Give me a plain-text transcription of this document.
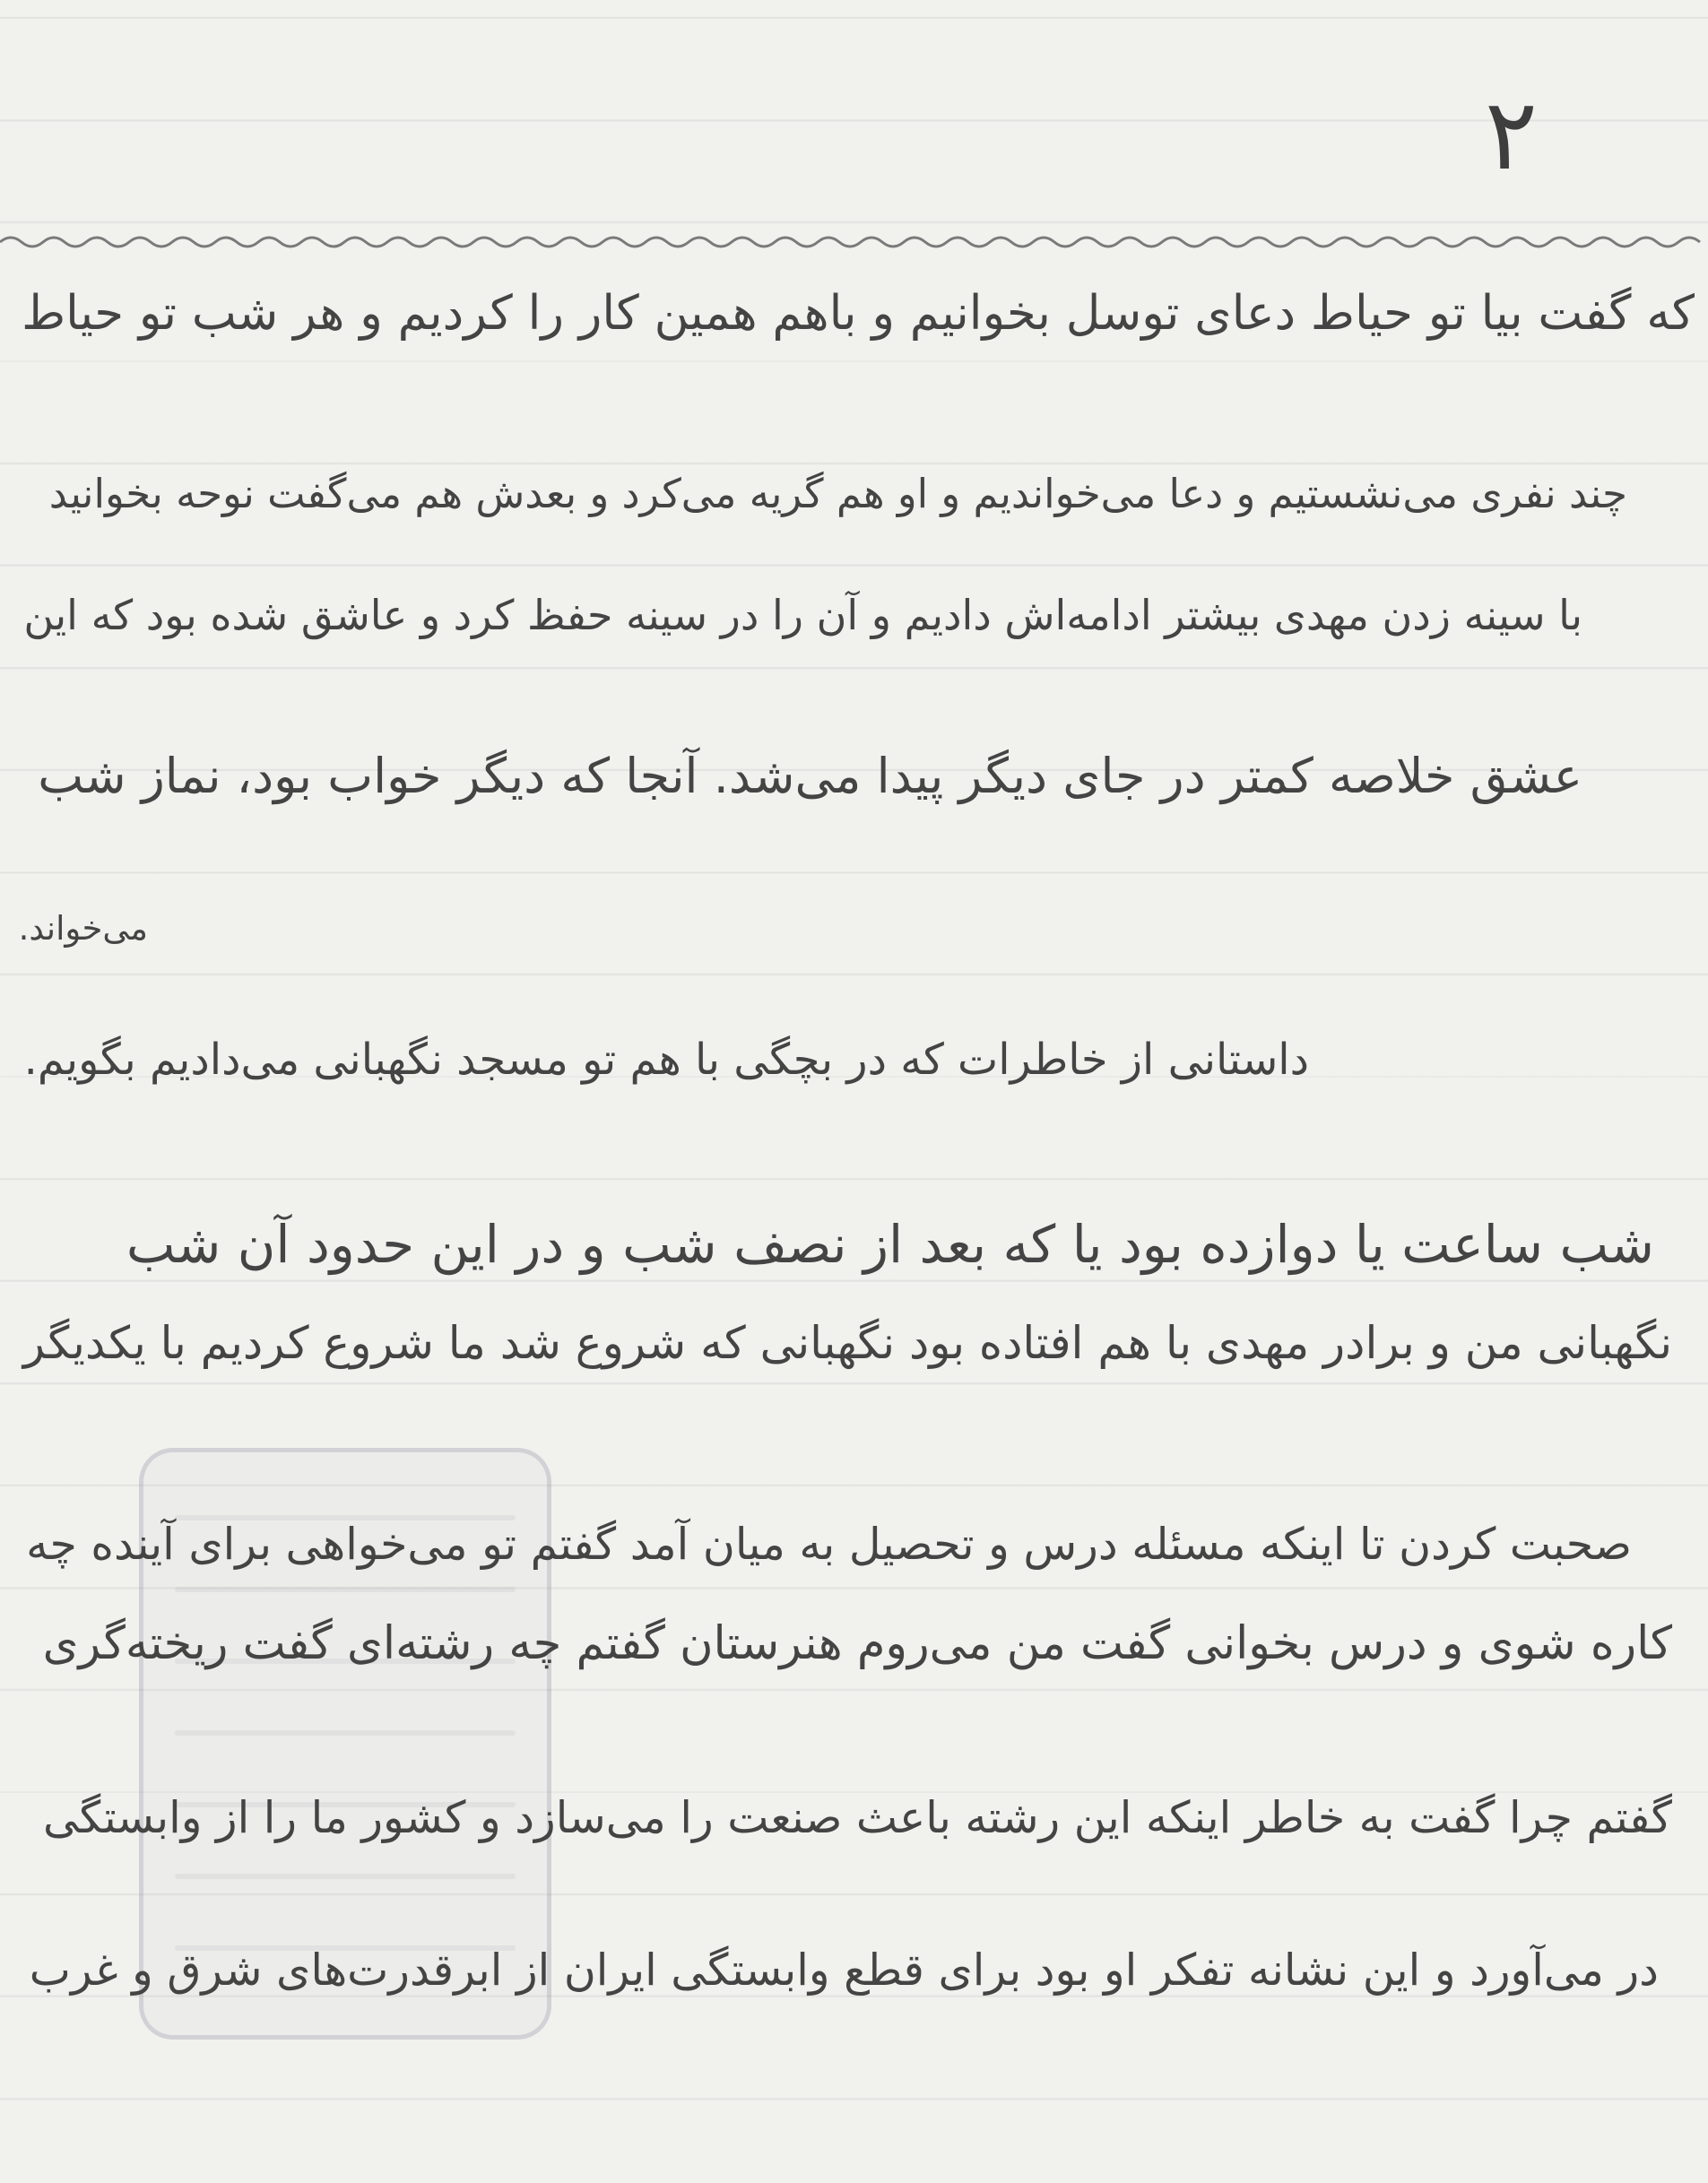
۲
که گفت بیا تو حیاط دعای توسل بخوانیم و باهم همین کار را کردیم و هر شب تو حیاط
چند نفری می‌نشستیم و دعا می‌خواندیم و او هم گریه می‌کرد و بعدش هم می‌گفت نوحه بخوانید
با سینه زدن مهدی بیشتر ادامه‌اش دادیم و آن را در سینه حفظ کرد و عاشق شده بود که این
عشق خلاصه کمتر در جای دیگر پیدا می‌شد. آنجا که دیگر خواب بود، نماز شب
می‌خواند.
داستانی از خاطرات که در بچگی با هم تو مسجد نگهبانی می‌دادیم بگویم.
شب ساعت یا دوازده بود یا که بعد از نصف شب و در این حدود آن شب
نگهبانی من و برادر مهدی با هم افتاده بود نگهبانی که شروع شد ما شروع کردیم با یکدیگر
صحبت کردن تا اینکه مسئله درس و تحصیل به میان آمد گفتم تو می‌خواهی برای آینده چه
کاره شوی و درس بخوانی گفت من می‌روم هنرستان گفتم چه رشته‌ای گفت ریخته‌گری
گفتم چرا گفت به خاطر اینکه این رشته باعث صنعت را می‌سازد و کشور ما را از وابستگی
در می‌آورد و این نشانه تفکر او بود برای قطع وابستگی ایران از ابرقدرت‌های شرق و غرب
